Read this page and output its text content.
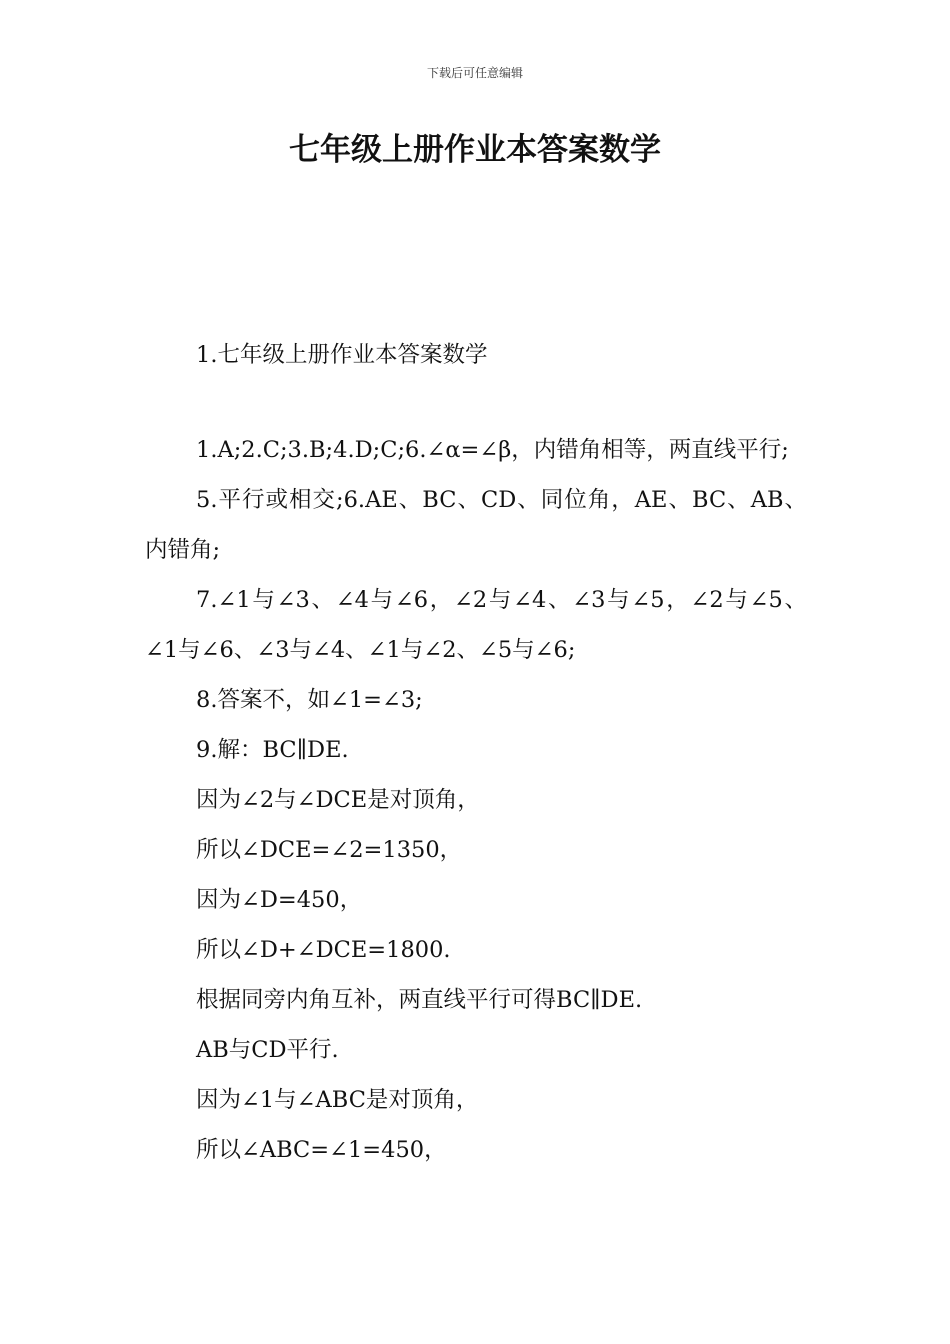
下载后可任意编辑
七年级上册作业本答案数学

1.七年级上册作业本答案数学

1.A;2.C;3.B;4.D;C;6.∠α=∠β，内错角相等，两直线平行;

5.平行或相交;6.AE、BC、CD、同位角，AE、BC、AB、内错角;

7.∠1与∠3、∠4与∠6，∠2与∠4、∠3与∠5，∠2与∠5、∠1与∠6、∠3与∠4、∠1与∠2、∠5与∠6;

8.答案不，如∠1=∠3;

9.解：BC∥DE.

因为∠2与∠DCE是对顶角，

所以∠DCE=∠2=1350，

因为∠D=450，

所以∠D+∠DCE=1800.

根据同旁内角互补，两直线平行可得BC∥DE.

AB与CD平行.

因为∠1与∠ABC是对顶角，

所以∠ABC=∠1=450，
